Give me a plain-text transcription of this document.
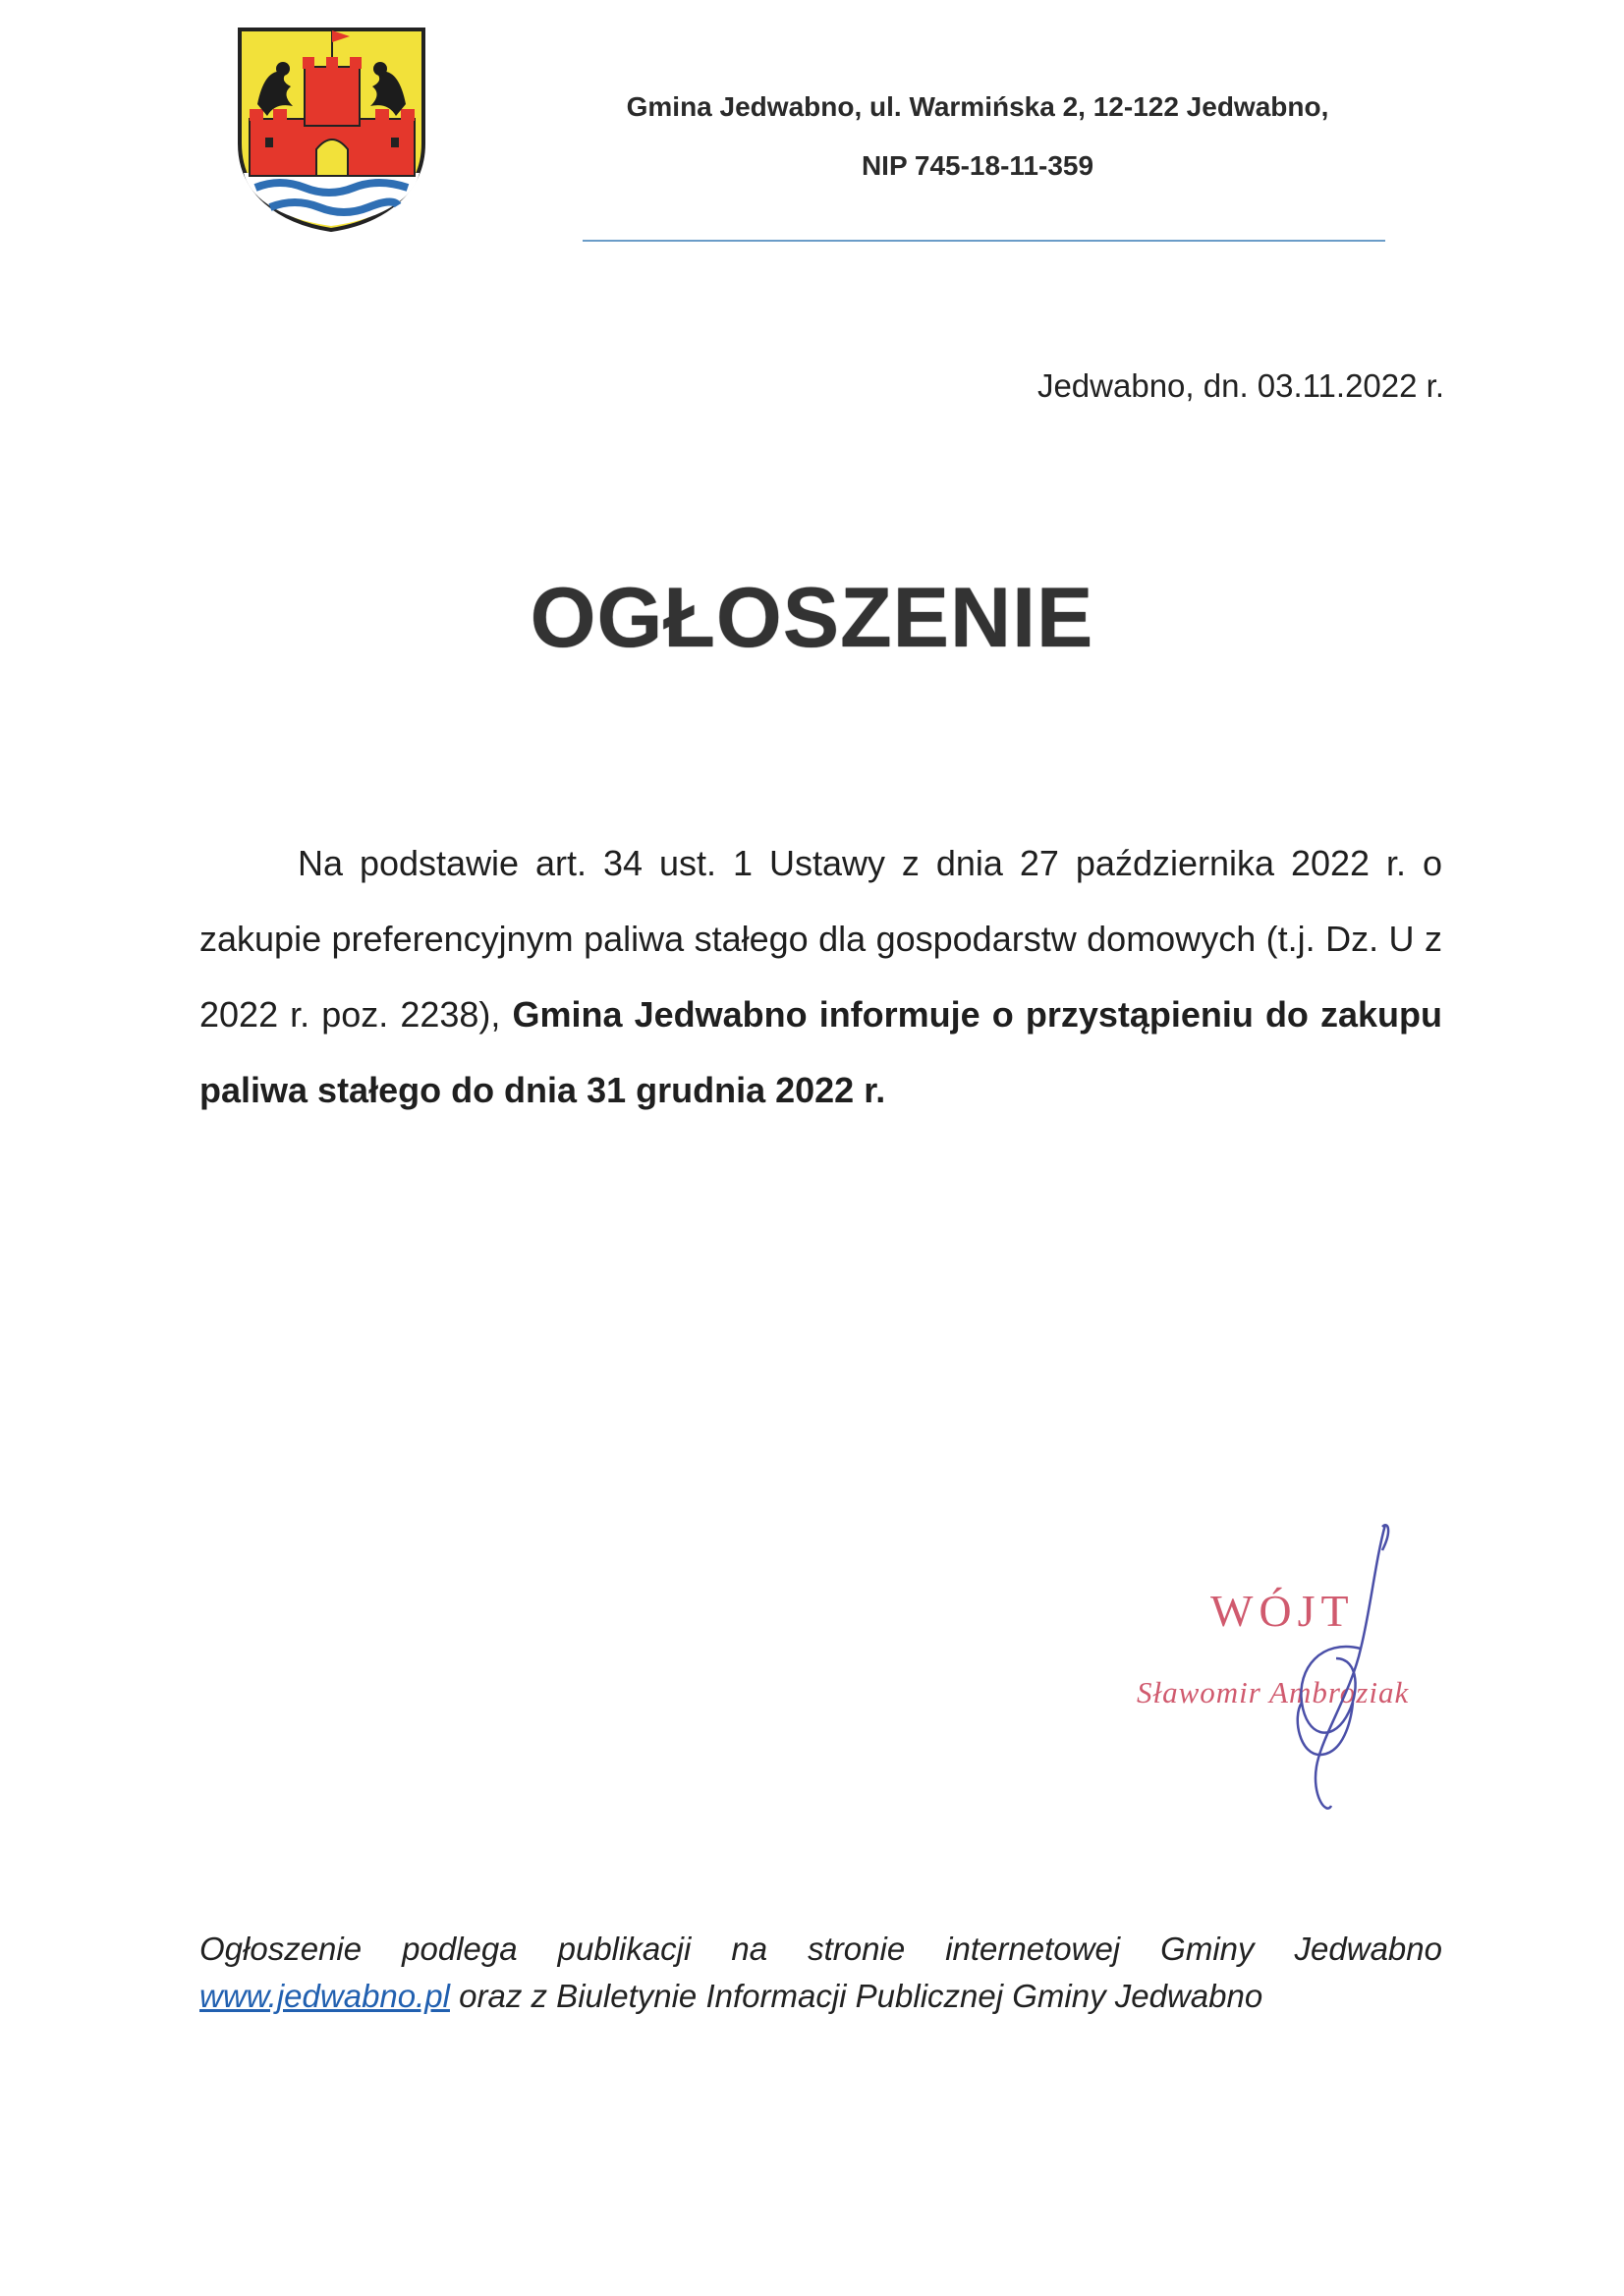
Gmina Jedwabno, ul. Warmińska 2, 12-122 Jedwabno,
NIP 745-18-11-359
Jedwabno, dn. 03.11.2022 r.
OGŁOSZENIE
Na podstawie art. 34 ust. 1 Ustawy z dnia 27 października 2022 r. o zakupie preferencyjnym paliwa stałego dla gospodarstw domowych (t.j. Dz. U z 2022 r. poz. 2238), Gmina Jedwabno informuje o przystąpieniu do zakupu paliwa stałego do dnia 31 grudnia 2022 r.
WÓJT
Sławomir Ambroziak
Ogłoszenie podlega publikacji na stronie internetowej Gminy Jedwabno
www.jedwabno.pl oraz z Biuletynie Informacji Publicznej Gminy Jedwabno
